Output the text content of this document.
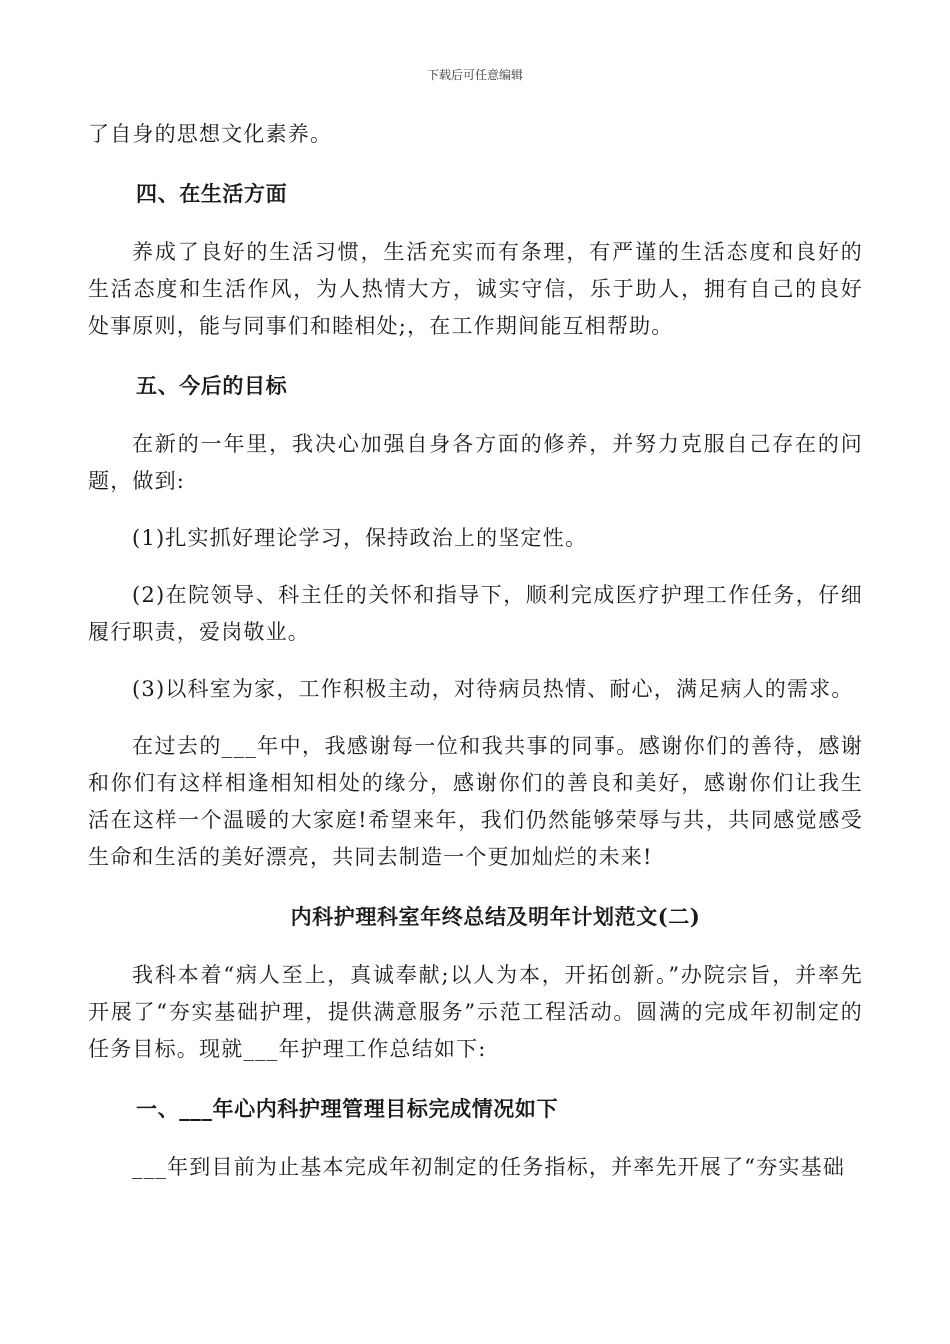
下载后可任意编辑

了自身的思想文化素养。

四、在生活方面

养成了良好的生活习惯，生活充实而有条理，有严谨的生活态度和良好的生活态度和生活作风，为人热情大方，诚实守信，乐于助人，拥有自己的良好处事原则，能与同事们和睦相处;，在工作期间能互相帮助。

五、今后的目标

在新的一年里，我决心加强自身各方面的修养，并努力克服自己存在的问题，做到:

(1)扎实抓好理论学习，保持政治上的坚定性。

(2)在院领导、科主任的关怀和指导下，顺利完成医疗护理工作任务，仔细履行职责，爱岗敬业。

(3)以科室为家，工作积极主动，对待病员热情、耐心，满足病人的需求。

在过去的___年中，我感谢每一位和我共事的同事。感谢你们的善待，感谢和你们有这样相逢相知相处的缘分，感谢你们的善良和美好，感谢你们让我生活在这样一个温暖的大家庭!希望来年，我们仍然能够荣辱与共，共同感觉感受生命和生活的美好漂亮，共同去制造一个更加灿烂的未来!

内科护理科室年终总结及明年计划范文(二)

我科本着“病人至上，真诚奉献;以人为本，开拓创新。”办院宗旨，并率先开展了“夯实基础护理，提供满意服务”示范工程活动。圆满的完成年初制定的任务目标。现就___年护理工作总结如下:

一、___年心内科护理管理目标完成情况如下

___年到目前为止基本完成年初制定的任务指标，并率先开展了“夯实基础
